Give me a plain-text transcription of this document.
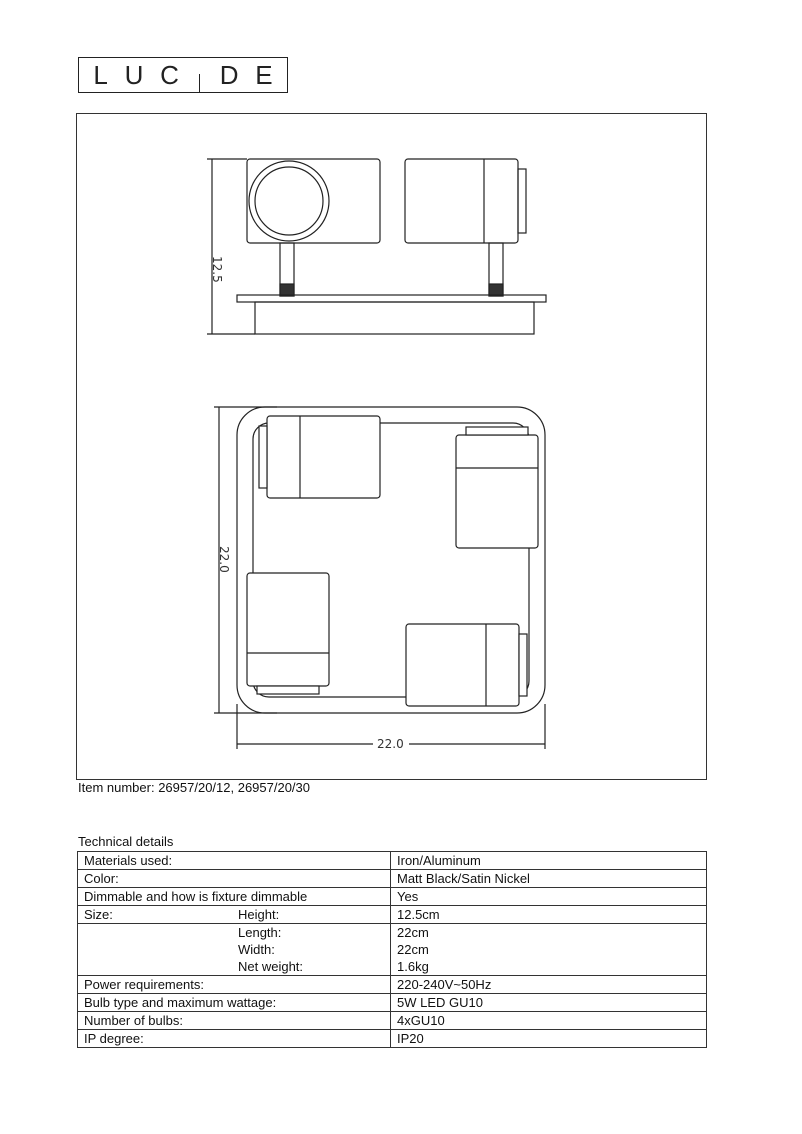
L U C D E
12.5
22.0
22.0
Item number: 26957/20/12, 26957/20/30
Technical details
Materials used:	Iron/Aluminum
Color:	Matt Black/Satin Nickel
Dimmable and how is fixture dimmable	Yes
Size: Height:	12.5cm
Length:	22cm
Width:	22cm
Net weight:	1.6kg
Power requirements:	220-240V~50Hz
Bulb type and maximum wattage:	5W LED GU10
Number of bulbs:	4xGU10
IP degree:	IP20
